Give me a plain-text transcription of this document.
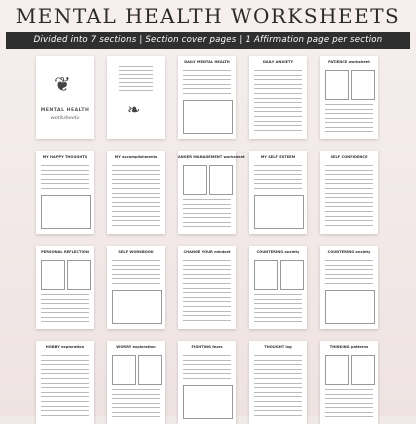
MENTAL HEALTH WORKSHEETS
Divided into 7 sections | Section cover pages | 1 Affirmation page per section
❦
MENTAL HEALTH
worksheets	❧
DAILY MENTAL HEALTH	DAILY ANXIETY	PATIENCE worksheet
MY HAPPY THOUGHTS	MY accomplishments	ANGER MANAGEMENT worksheet	MY SELF ESTEEM	SELF CONFIDENCE
PERSONAL REFLECTION	SELF WORKBOOK	CHANGE YOUR mindset	COUNTERING anxiety	COUNTERING anxiety
HOBBY exploration	WORRY exploration	FIGHTING fears	THOUGHT log	THINKING patterns
